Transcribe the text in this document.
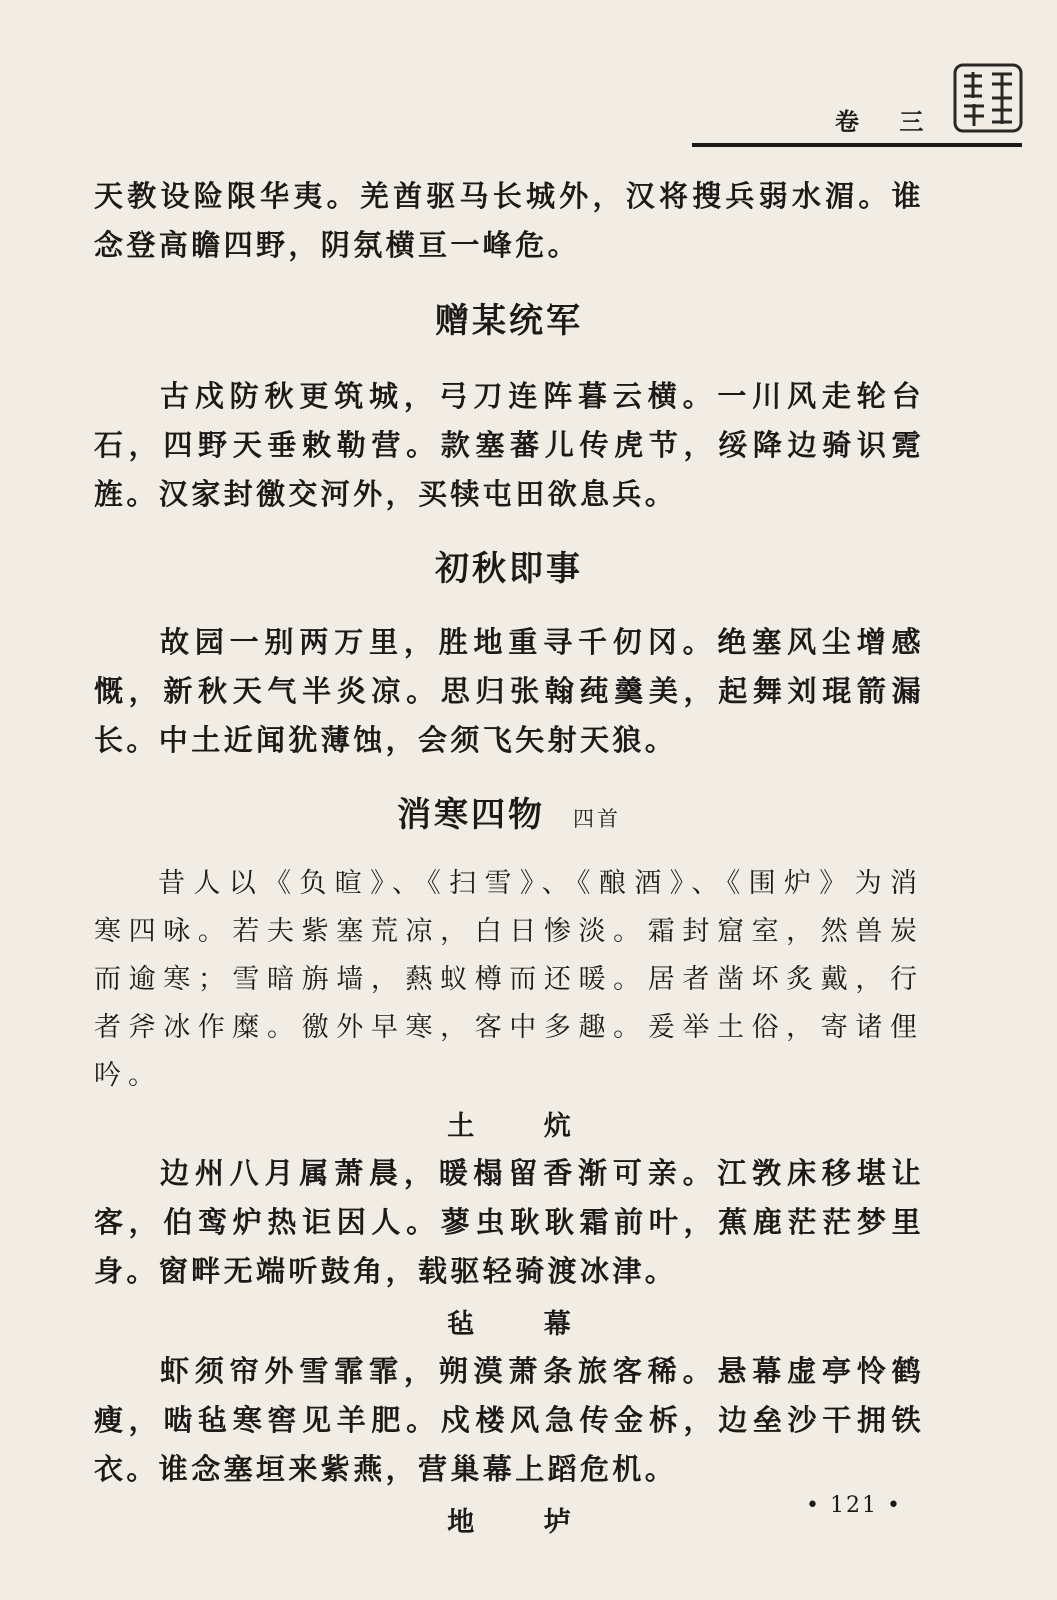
卷 三

天教设险限华夷。羌酋驱马长城外，汉将搜兵弱水湄。谁念登高瞻四野，阴氛横亘一峰危。

赠某统军

古戍防秋更筑城，弓刀连阵暮云横。一川风走轮台石，四野天垂敕勒营。款塞蕃儿传虎节，绥降边骑识霓旌。汉家封徼交河外，买犊屯田欲息兵。

初秋即事

故园一别两万里，胜地重寻千仞冈。绝塞风尘增感慨，新秋天气半炎凉。思归张翰莼羹美，起舞刘琨箭漏长。中土近闻犹薄蚀，会须飞矢射天狼。

消寒四物 四首

昔人以《负暄》、《扫雪》、《酿酒》、《围炉》为消寒四咏。若夫紫塞荒凉，白日惨淡。霜封窟室，然兽炭而逾寒；雪暗旃墙，爇蚁樽而还暖。居者凿坏炙戴，行者斧冰作糜。徼外早寒，客中多趣。爰举土俗，寄诸俚吟。

土 炕

边州八月属萧晨，暖榻留香渐可亲。江敩床移堪让客，伯鸾炉热讵因人。蓼虫耿耿霜前叶，蕉鹿茫茫梦里身。窗畔无端听鼓角，载驱轻骑渡冰津。

毡 幕

虾须帘外雪霏霏，朔漠萧条旅客稀。悬幕虚亭怜鹤瘦，啮毡寒窖见羊肥。戍楼风急传金柝，边垒沙干拥铁衣。谁念塞垣来紫燕，营巢幕上蹈危机。

地 垆
• 121 •
